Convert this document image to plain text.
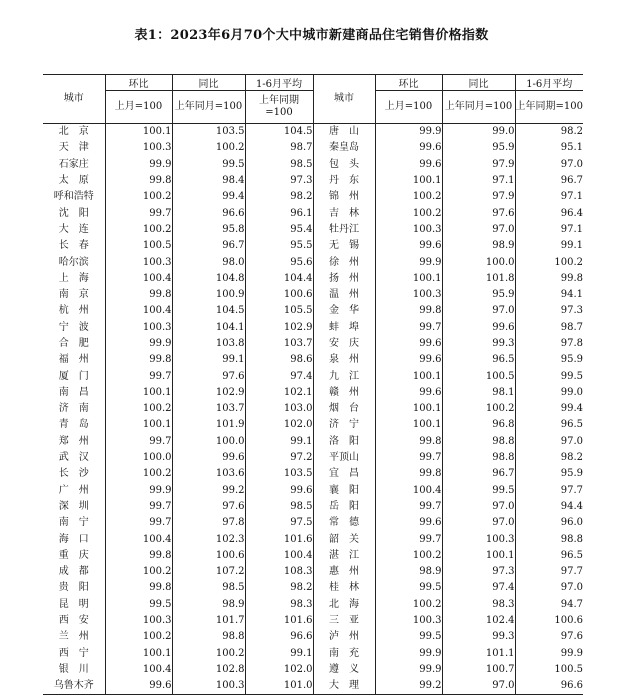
表1：2023年6月70个大中城市新建商品住宅销售价格指数
城市	环比	同比	1-6月平均	城市	环比	同比	1-6月平均
	上月=100	上年同月=100	上年同期=100		上月=100	上年同月=100	上年同期=100
北　京	100.1	103.5	104.5	唐　山	99.9	99.0	98.2
天　津	100.3	100.2	98.7	秦皇岛	99.6	95.9	95.1
石家庄	99.9	99.5	98.5	包　头	99.6	97.9	97.0
太　原	99.8	98.4	97.3	丹　东	100.1	97.1	96.7
呼和浩特	100.2	99.4	98.2	锦　州	100.2	97.9	97.1
沈　阳	99.7	96.6	96.1	吉　林	100.2	97.6	96.4
大　连	100.2	95.8	95.4	牡丹江	100.3	97.0	97.1
长　春	100.5	96.7	95.5	无　锡	99.6	98.9	99.1
哈尔滨	100.3	98.0	95.6	徐　州	99.9	100.0	100.2
上　海	100.4	104.8	104.4	扬　州	100.1	101.8	99.8
南　京	99.8	100.9	100.6	温　州	100.3	95.9	94.1
杭　州	100.4	104.5	105.5	金　华	99.8	97.0	97.3
宁　波	100.3	104.1	102.9	蚌　埠	99.7	99.6	98.7
合　肥	99.9	103.8	103.7	安　庆	99.6	99.3	97.8
福　州	99.8	99.1	98.6	泉　州	99.6	96.5	95.9
厦　门	99.7	97.6	97.4	九　江	100.1	100.5	99.5
南　昌	100.1	102.9	102.1	赣　州	99.6	98.1	99.0
济　南	100.2	103.7	103.0	烟　台	100.1	100.2	99.4
青　岛	100.1	101.9	102.0	济　宁	100.1	96.8	96.5
郑　州	99.7	100.0	99.1	洛　阳	99.8	98.8	97.0
武　汉	100.0	99.6	97.2	平顶山	99.7	98.8	98.2
长　沙	100.2	103.6	103.5	宜　昌	99.8	96.7	95.9
广　州	99.9	99.2	99.6	襄　阳	100.4	99.5	97.7
深　圳	99.7	97.6	98.5	岳　阳	99.7	97.0	94.4
南　宁	99.7	97.8	97.5	常　德	99.6	97.0	96.0
海　口	100.4	102.3	101.6	韶　关	99.7	100.3	98.8
重　庆	99.8	100.6	100.4	湛　江	100.2	100.1	96.5
成　都	100.2	107.2	108.3	惠　州	98.9	97.3	97.7
贵　阳	99.8	98.5	98.2	桂　林	99.5	97.4	97.0
昆　明	99.5	98.9	98.3	北　海	100.2	98.3	94.7
西　安	100.3	101.7	101.6	三　亚	100.3	102.4	100.6
兰　州	100.2	98.8	96.6	泸　州	99.5	99.3	97.6
西　宁	100.1	100.2	99.1	南　充	99.9	101.1	99.9
银　川	100.4	102.8	102.0	遵　义	99.9	100.7	100.5
乌鲁木齐	99.6	100.3	101.0	大　理	99.2	97.0	96.6
